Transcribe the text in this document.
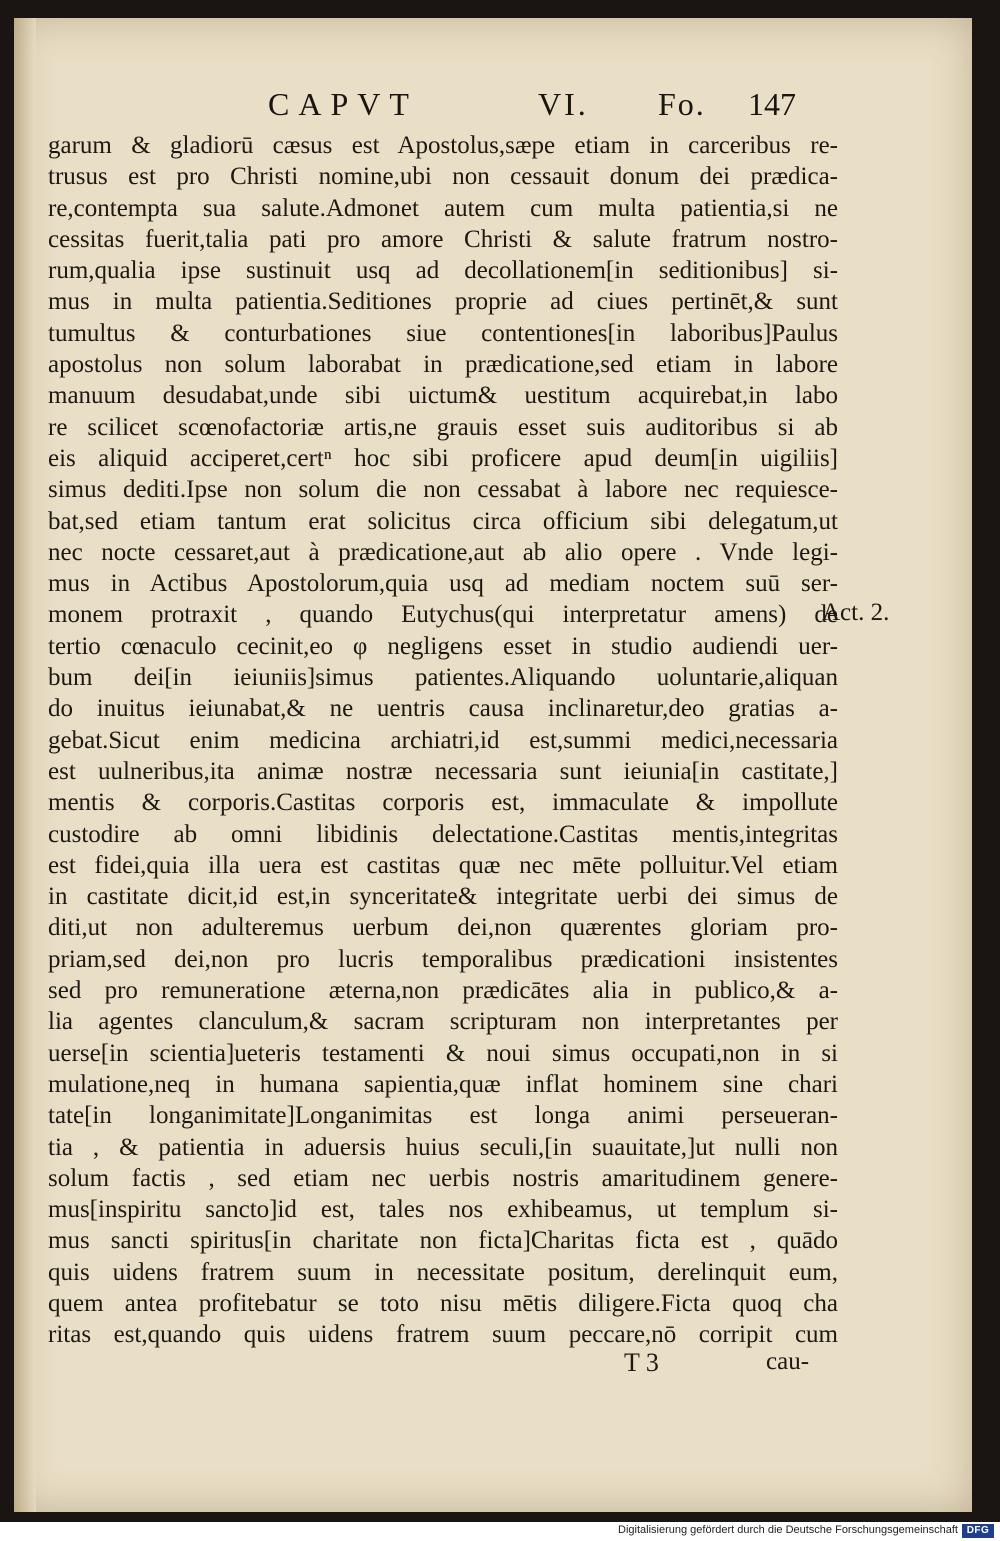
CAPVT	VI. Fo. 147
garum & gladiorū cæsus est Apostolus,sæpe etiam in carceribus re-
trusus est pro Christi nomine,ubi non cessauit donum dei prædica-
re,contempta sua salute.Admonet autem cum multa patientia,si ne
cessitas fuerit,talia pati pro amore Christi & salute fratrum nostro-
rum,qualia ipse sustinuit usq ad decollationem[in seditionibus] si-
mus in multa patientia.Seditiones proprie ad ciues pertinēt,& sunt
tumultus & conturbationes siue contentiones[in laboribus]Paulus
apostolus non solum laborabat in prædicatione,sed etiam in labore
manuum desudabat,unde sibi uictum& uestitum acquirebat,in labo
re scilicet scœnofactoriæ artis,ne grauis esset suis auditoribus si ab
eis aliquid acciperet,certⁿ hoc sibi proficere apud deum[in uigiliis]
simus dediti.Ipse non solum die non cessabat à labore nec requiesce-
bat,sed etiam tantum erat solicitus circa officium sibi delegatum,ut
nec nocte cessaret,aut à prædicatione,aut ab alio opere . Vnde legi-
mus in Actibus Apostolorum,quia usq ad mediam noctem suū ser-
monem protraxit , quando Eutychus(qui interpretatur amens) de
tertio cœnaculo cecinit,eo φ negligens esset in studio audiendi uer-
bum dei[in ieiuniis]simus patientes.Aliquando uoluntarie,aliquan
do inuitus ieiunabat,& ne uentris causa inclinaretur,deo gratias a-
gebat.Sicut enim medicina archiatri,id est,summi medici,necessaria
est uulneribus,ita animæ nostræ necessaria sunt ieiunia[in castitate,]
mentis & corporis.Castitas corporis est, immaculate & impollute
custodire ab omni libidinis delectatione.Castitas mentis,integritas
est fidei,quia illa uera est castitas quæ nec mēte polluitur.Vel etiam
in castitate dicit,id est,in synceritate& integritate uerbi dei simus de
diti,ut non adulteremus uerbum dei,non quærentes gloriam pro-
priam,sed dei,non pro lucris temporalibus prædicationi insistentes
sed pro remuneratione æterna,non prædicātes alia in publico,& a-
lia agentes clanculum,& sacram scripturam non interpretantes per
uerse[in scientia]ueteris testamenti & noui simus occupati,non in si
mulatione,neq in humana sapientia,quæ inflat hominem sine chari
tate[in longanimitate]Longanimitas est longa animi perseueran-
tia , & patientia in aduersis huius seculi,[in suauitate,]ut nulli non
solum factis , sed etiam nec uerbis nostris amaritudinem genere-
mus[inspiritu sancto]id est, tales nos exhibeamus, ut templum si-
mus sancti spiritus[in charitate non ficta]Charitas ficta est , quādo
quis uidens fratrem suum in necessitate positum, derelinquit eum,
quem antea profitebatur se toto nisu mētis diligere.Ficta quoq cha
ritas est,quando quis uidens fratrem suum peccare,nō corripit cum
Act. 2.
T 3	cau-
Digitalisierung gefördert durch die Deutsche Forschungsgemeinschaft DFG
